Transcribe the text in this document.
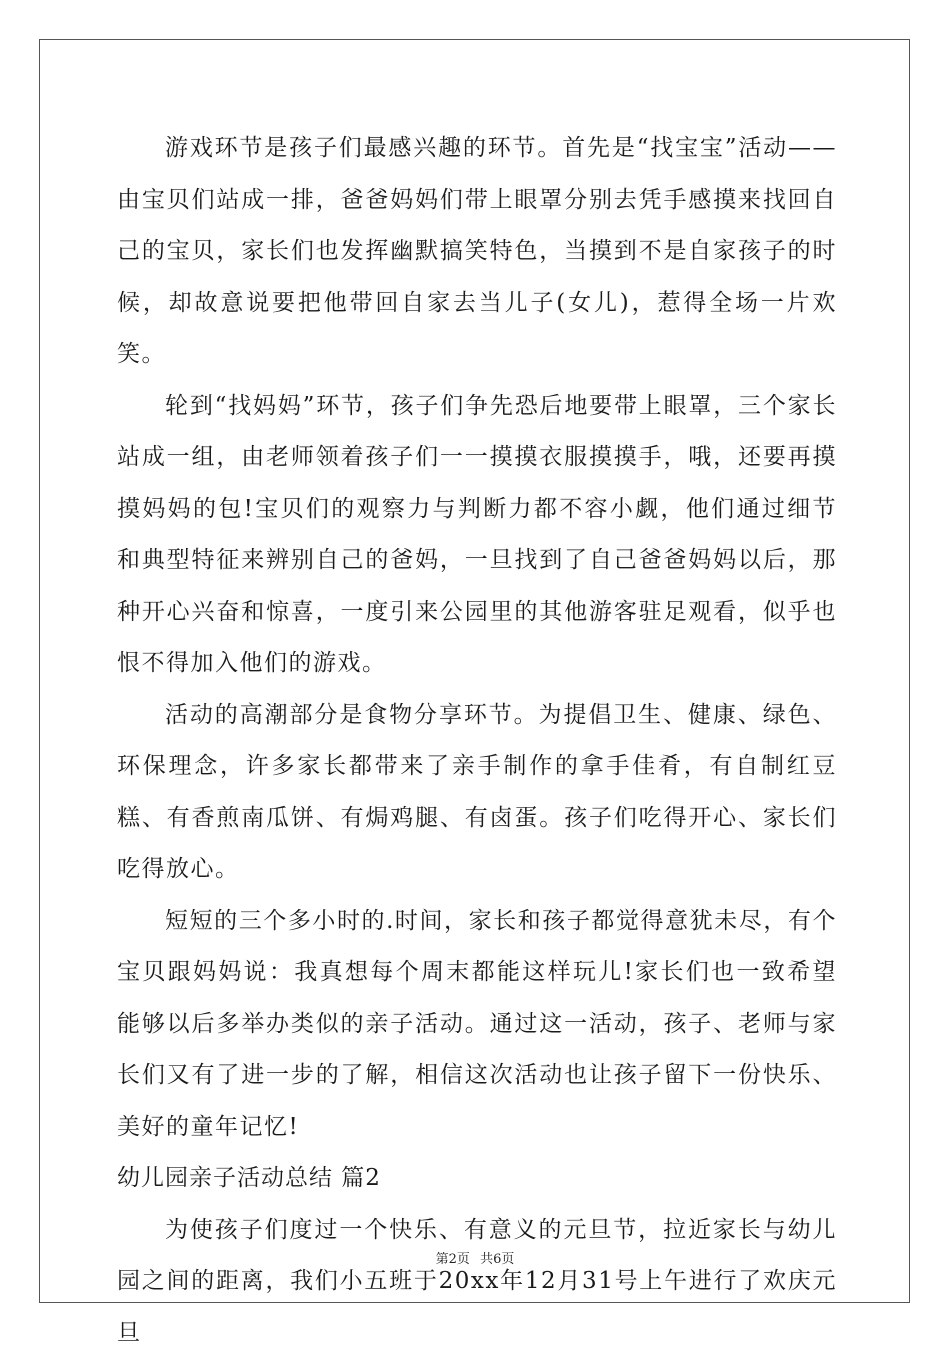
游戏环节是孩子们最感兴趣的环节。首先是“找宝宝”活动——由宝贝们站成一排，爸爸妈妈们带上眼罩分别去凭手感摸来找回自己的宝贝，家长们也发挥幽默搞笑特色，当摸到不是自家孩子的时候，却故意说要把他带回自家去当儿子(女儿)，惹得全场一片欢笑。

轮到“找妈妈”环节，孩子们争先恐后地要带上眼罩，三个家长站成一组，由老师领着孩子们一一摸摸衣服摸摸手，哦，还要再摸摸妈妈的包!宝贝们的观察力与判断力都不容小觑，他们通过细节和典型特征来辨别自己的爸妈，一旦找到了自己爸爸妈妈以后，那种开心兴奋和惊喜，一度引来公园里的其他游客驻足观看，似乎也恨不得加入他们的游戏。

活动的高潮部分是食物分享环节。为提倡卫生、健康、绿色、环保理念，许多家长都带来了亲手制作的拿手佳肴，有自制红豆糕、有香煎南瓜饼、有焗鸡腿、有卤蛋。孩子们吃得开心、家长们吃得放心。

短短的三个多小时的.时间，家长和孩子都觉得意犹未尽，有个宝贝跟妈妈说：我真想每个周末都能这样玩儿!家长们也一致希望能够以后多举办类似的亲子活动。通过这一活动，孩子、老师与家长们又有了进一步的了解，相信这次活动也让孩子留下一份快乐、美好的童年记忆!

幼儿园亲子活动总结 篇2

为使孩子们度过一个快乐、有意义的元旦节，拉近家长与幼儿园之间的距离，我们小五班于20xx年12月31号上午进行了欢庆元旦

第2页 共6页
